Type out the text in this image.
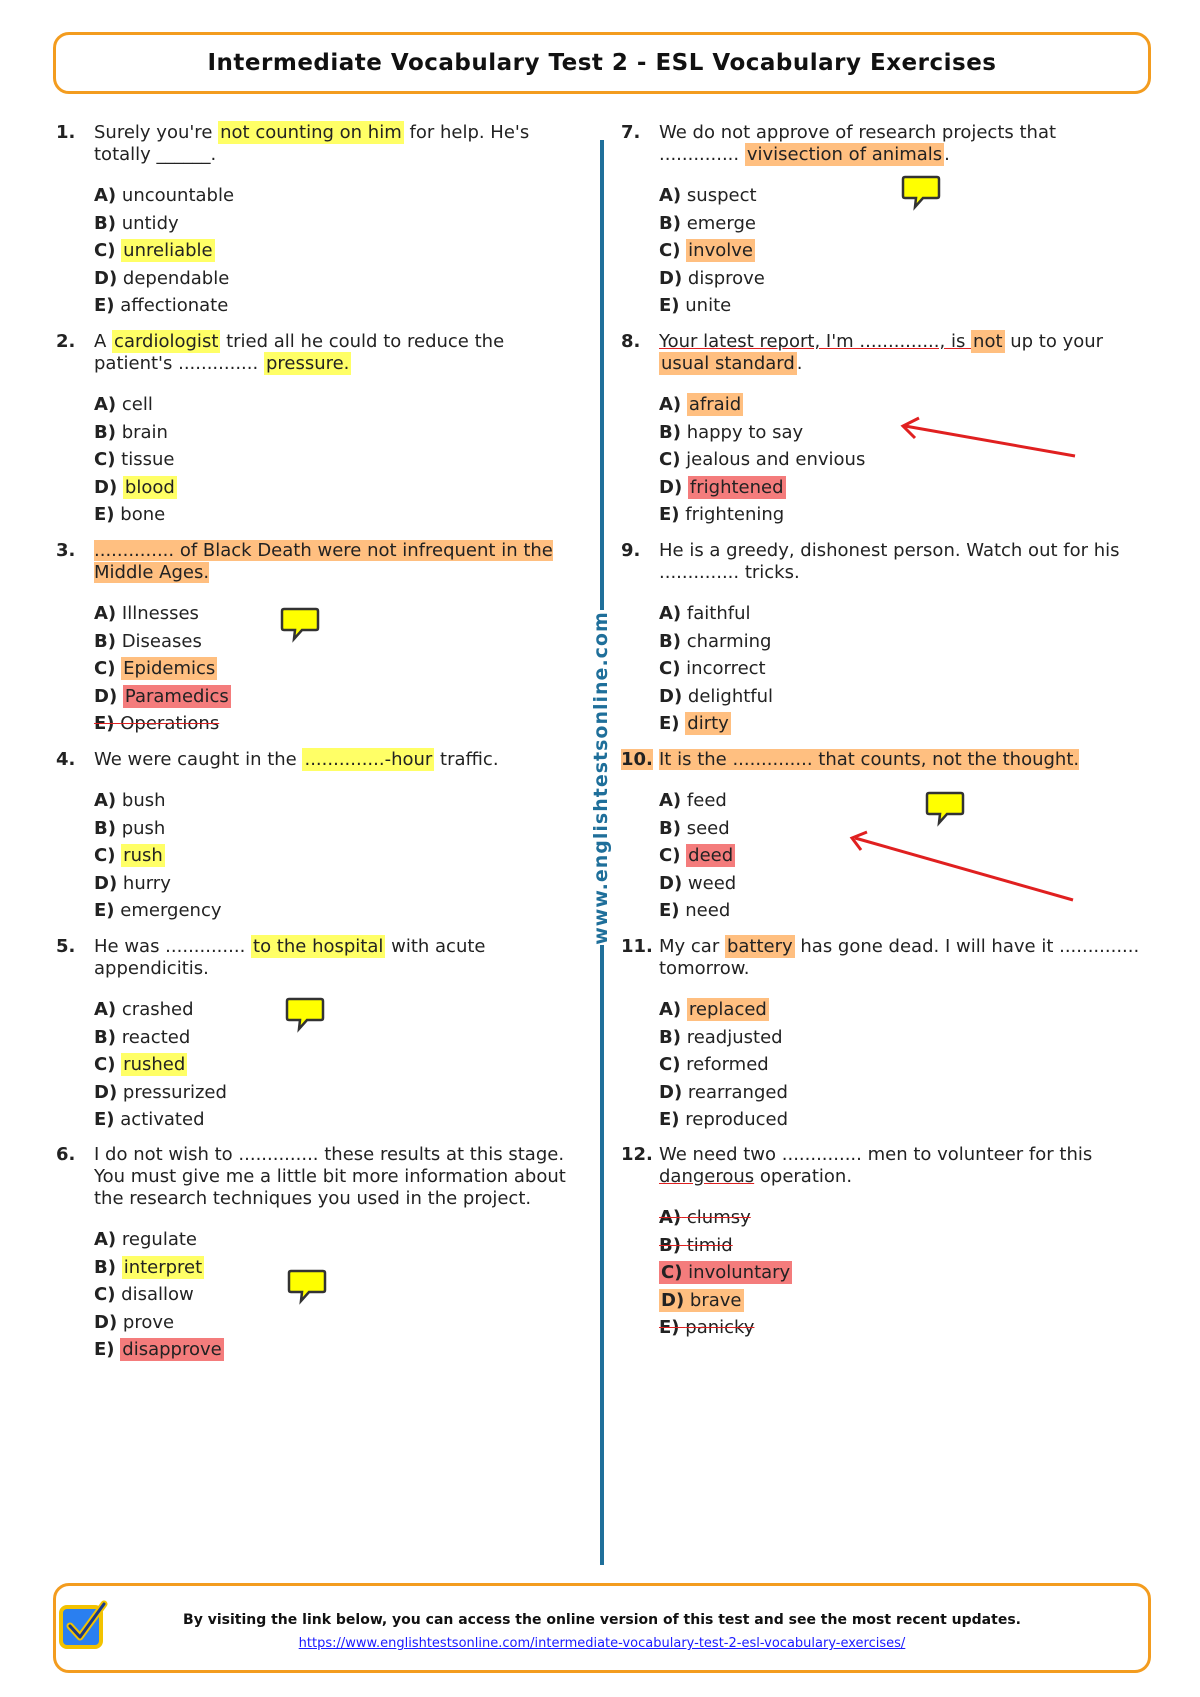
Intermediate Vocabulary Test 2 - ESL Vocabulary Exercises
www.englishtestsonline.com
1. Surely you're not counting on him for help. He's totally ______.
A) uncountable
B) untidy
C) unreliable
D) dependable
E) affectionate
2. A cardiologist tried all he could to reduce the patient's .............. pressure.
A) cell
B) brain
C) tissue
D) blood
E) bone
3. .............. of Black Death were not infrequent in the Middle Ages.
A) Illnesses
B) Diseases
C) Epidemics
D) Paramedics
E) Operations
4. We were caught in the ..............-hour traffic.
A) bush
B) push
C) rush
D) hurry
E) emergency
5. He was .............. to the hospital with acute appendicitis.
A) crashed
B) reacted
C) rushed
D) pressurized
E) activated
6. I do not wish to .............. these results at this stage. You must give me a little bit more information about the research techniques you used in the project.
A) regulate
B) interpret
C) disallow
D) prove
E) disapprove
7. We do not approve of research projects that .............. vivisection of animals .
A) suspect
B) emerge
C) involve
D) disprove
E) unite
8. Your latest report, I'm .............., is not up to your usual standard .
A) afraid
B) happy to say
C) jealous and envious
D) frightened
E) frightening
9. He is a greedy, dishonest person. Watch out for his .............. tricks.
A) faithful
B) charming
C) incorrect
D) delightful
E) dirty
10. It is the .............. that counts, not the thought.
A) feed
B) seed
C) deed
D) weed
E) need
11. My car battery has gone dead. I will have it .............. tomorrow.
A) replaced
B) readjusted
C) reformed
D) rearranged
E) reproduced
12. We need two .............. men to volunteer for this dangerous operation.
A) clumsy
B) timid
C) involuntary
D) brave
E) panicky
By visiting the link below, you can access the online version of this test and see the most recent updates.
https://www.englishtestsonline.com/intermediate-vocabulary-test-2-esl-vocabulary-exercises/
